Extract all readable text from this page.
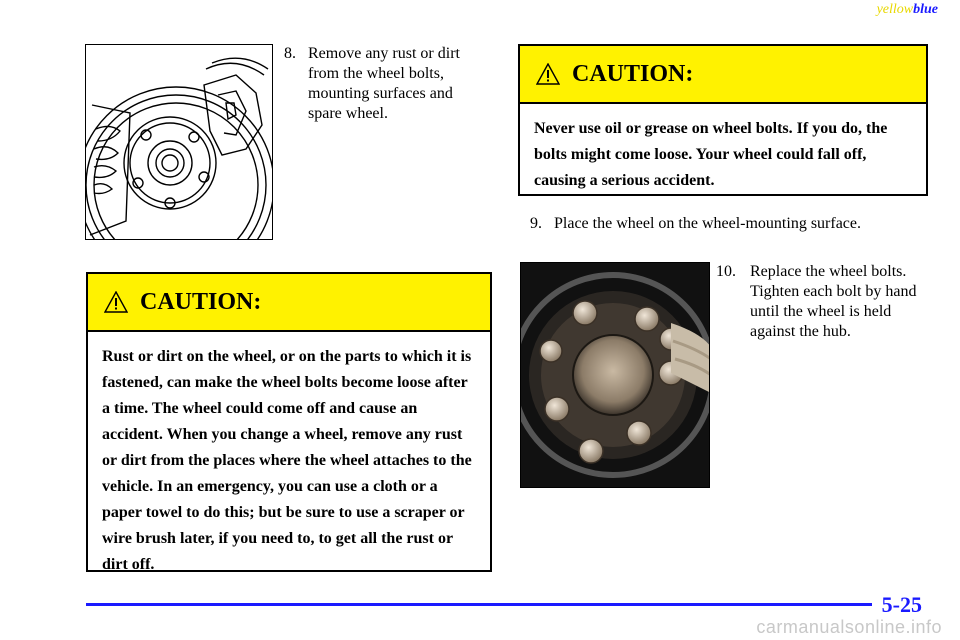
yellowblue
8. Remove any rust or dirt from the wheel bolts, mounting surfaces and spare wheel.
CAUTION:
Never use oil or grease on wheel bolts. If you do, the bolts might come loose. Your wheel could fall off, causing a serious accident.
9. Place the wheel on the wheel-mounting surface.
CAUTION:
Rust or dirt on the wheel, or on the parts to which it is fastened, can make the wheel bolts become loose after a time. The wheel could come off and cause an accident. When you change a wheel, remove any rust or dirt from the places where the wheel attaches to the vehicle. In an emergency, you can use a cloth or a paper towel to do this; but be sure to use a scraper or wire brush later, if you need to, to get all the rust or dirt off.
10. Replace the wheel bolts. Tighten each bolt by hand until the wheel is held against the hub.
5-25
carmanualsonline.info
